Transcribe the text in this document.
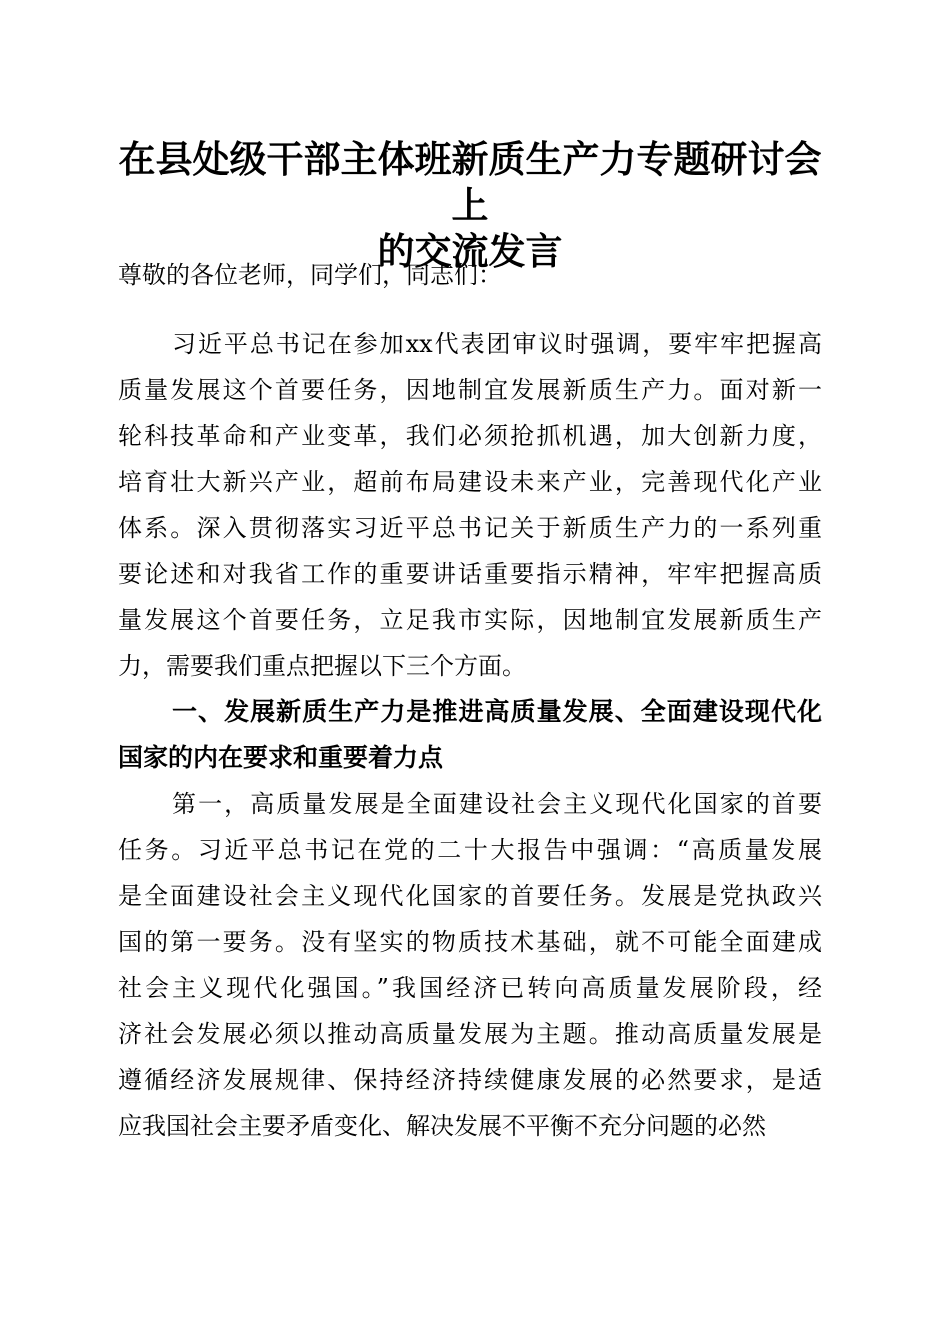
在县处级干部主体班新质生产力专题研讨会上
的交流发言
尊敬的各位老师，同学们，同志们：
习近平总书记在参加xx代表团审议时强调，要牢牢把握高
质量发展这个首要任务，因地制宜发展新质生产力。面对新一
轮科技革命和产业变革，我们必须抢抓机遇，加大创新力度，
培育壮大新兴产业，超前布局建设未来产业，完善现代化产业
体系。深入贯彻落实习近平总书记关于新质生产力的一系列重
要论述和对我省工作的重要讲话重要指示精神，牢牢把握高质
量发展这个首要任务，立足我市实际，因地制宜发展新质生产
力，需要我们重点把握以下三个方面。
一、发展新质生产力是推进高质量发展、全面建设现代化
国家的内在要求和重要着力点
第一，高质量发展是全面建设社会主义现代化国家的首要
任务。习近平总书记在党的二十大报告中强调：“高质量发展
是全面建设社会主义现代化国家的首要任务。发展是党执政兴
国的第一要务。没有坚实的物质技术基础，就不可能全面建成
社会主义现代化强国。”我国经济已转向高质量发展阶段，经
济社会发展必须以推动高质量发展为主题。推动高质量发展是
遵循经济发展规律、保持经济持续健康发展的必然要求，是适
应我国社会主要矛盾变化、解决发展不平衡不充分问题的必然
